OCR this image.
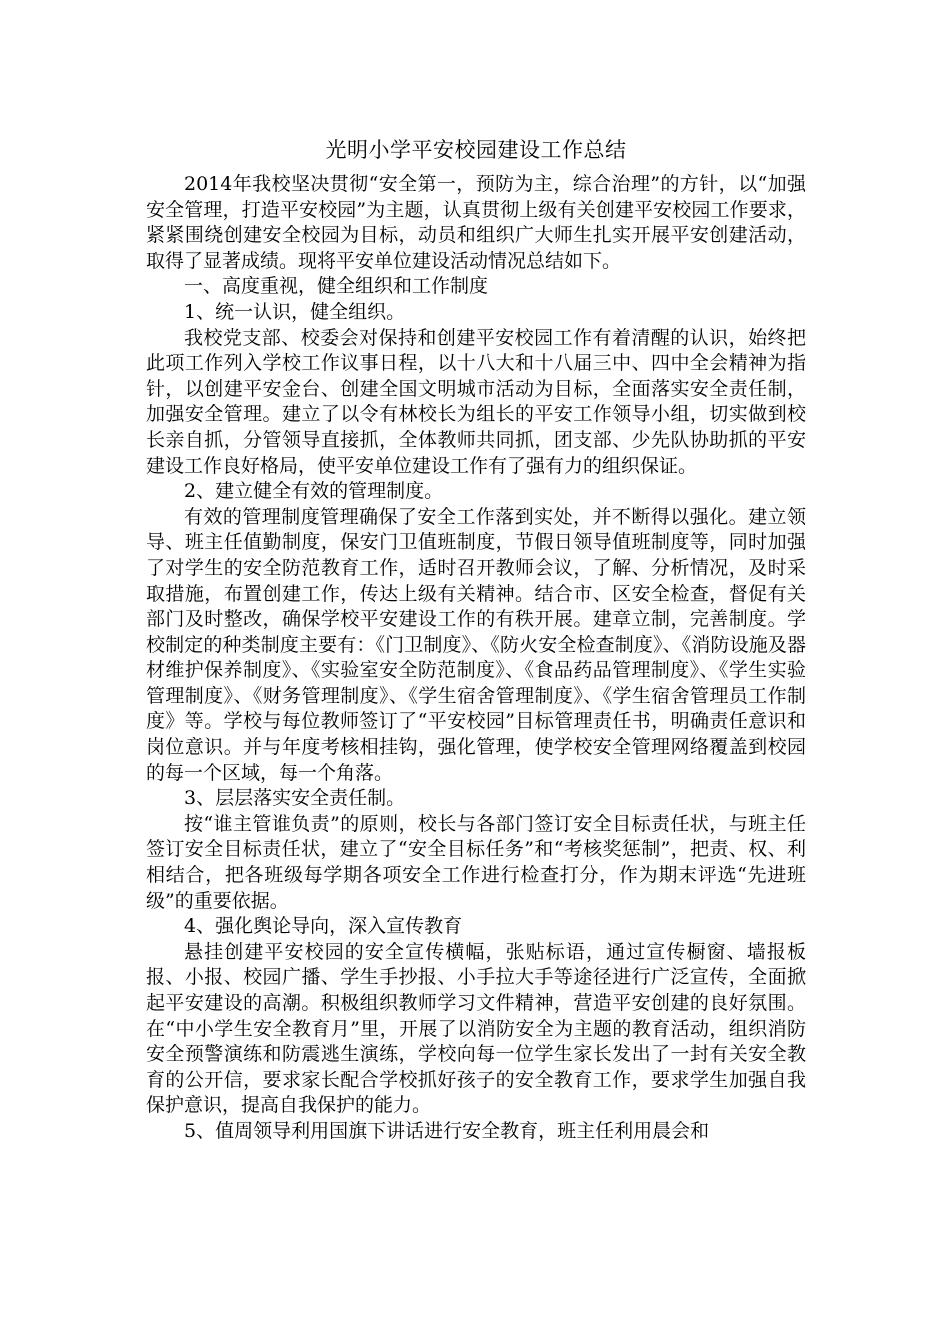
光明小学平安校园建设工作总结

2014年我校坚决贯彻“安全第一，预防为主，综合治理”的方针，以“加强安全管理，打造平安校园”为主题，认真贯彻上级有关创建平安校园工作要求，紧紧围绕创建安全校园为目标，动员和组织广大师生扎实开展平安创建活动，取得了显著成绩。现将平安单位建设活动情况总结如下。

一、高度重视，健全组织和工作制度

1、统一认识，健全组织。

我校党支部、校委会对保持和创建平安校园工作有着清醒的认识，始终把此项工作列入学校工作议事日程，以十八大和十八届三中、四中全会精神为指针，以创建平安金台、创建全国文明城市活动为目标，全面落实安全责任制，加强安全管理。建立了以令有林校长为组长的平安工作领导小组，切实做到校长亲自抓，分管领导直接抓，全体教师共同抓，团支部、少先队协助抓的平安建设工作良好格局，使平安单位建设工作有了强有力的组织保证。

2、建立健全有效的管理制度。

有效的管理制度管理确保了安全工作落到实处，并不断得以强化。建立领导、班主任值勤制度，保安门卫值班制度，节假日领导值班制度等，同时加强了对学生的安全防范教育工作，适时召开教师会议，了解、分析情况，及时采取措施，布置创建工作，传达上级有关精神。结合市、区安全检查，督促有关部门及时整改，确保学校平安建设工作的有秩开展。建章立制，完善制度。学校制定的种类制度主要有：《门卫制度》、《防火安全检查制度》、《消防设施及器材维护保养制度》、《实验室安全防范制度》、《食品药品管理制度》、《学生实验管理制度》、《财务管理制度》、《学生宿舍管理制度》、《学生宿舍管理员工作制度》等。学校与每位教师签订了“平安校园”目标管理责任书，明确责任意识和岗位意识。并与年度考核相挂钩，强化管理，使学校安全管理网络覆盖到校园的每一个区域，每一个角落。

3、层层落实安全责任制。

按“谁主管谁负责”的原则，校长与各部门签订安全目标责任状，与班主任签订安全目标责任状，建立了“安全目标任务”和“考核奖惩制”，把责、权、利相结合，把各班级每学期各项安全工作进行检查打分，作为期末评选“先进班级”的重要依据。

4、强化舆论导向，深入宣传教育

悬挂创建平安校园的安全宣传横幅，张贴标语，通过宣传橱窗、墙报板报、小报、校园广播、学生手抄报、小手拉大手等途径进行广泛宣传，全面掀起平安建设的高潮。积极组织教师学习文件精神，营造平安创建的良好氛围。在“中小学生安全教育月”里，开展了以消防安全为主题的教育活动，组织消防安全预警演练和防震逃生演练，学校向每一位学生家长发出了一封有关安全教育的公开信，要求家长配合学校抓好孩子的安全教育工作，要求学生加强自我保护意识，提高自我保护的能力。

5、值周领导利用国旗下讲话进行安全教育，班主任利用晨会和
